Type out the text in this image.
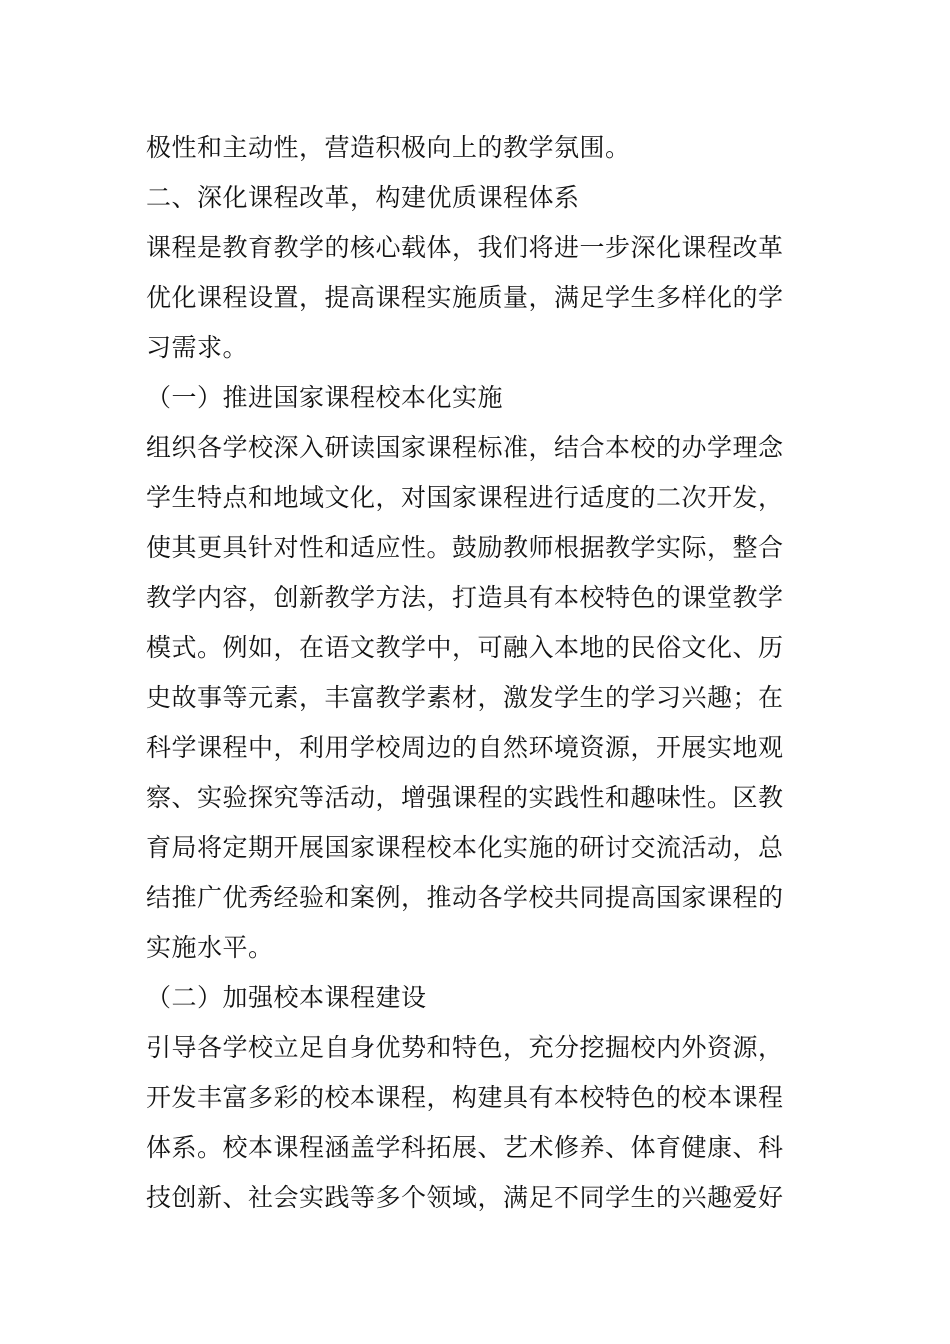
极性和主动性，营造积极向上的教学氛围。
二、深化课程改革，构建优质课程体系
课程是教育教学的核心载体，我们将进一步深化课程改革
优化课程设置，提高课程实施质量，满足学生多样化的学
习需求。
（一）推进国家课程校本化实施
组织各学校深入研读国家课程标准，结合本校的办学理念
学生特点和地域文化，对国家课程进行适度的二次开发，
使其更具针对性和适应性。鼓励教师根据教学实际，整合
教学内容，创新教学方法，打造具有本校特色的课堂教学
模式。例如，在语文教学中，可融入本地的民俗文化、历
史故事等元素，丰富教学素材，激发学生的学习兴趣；在
科学课程中，利用学校周边的自然环境资源，开展实地观
察、实验探究等活动，增强课程的实践性和趣味性。区教
育局将定期开展国家课程校本化实施的研讨交流活动，总
结推广优秀经验和案例，推动各学校共同提高国家课程的
实施水平。
（二）加强校本课程建设
引导各学校立足自身优势和特色，充分挖掘校内外资源，
开发丰富多彩的校本课程，构建具有本校特色的校本课程
体系。校本课程涵盖学科拓展、艺术修养、体育健康、科
技创新、社会实践等多个领域，满足不同学生的兴趣爱好
